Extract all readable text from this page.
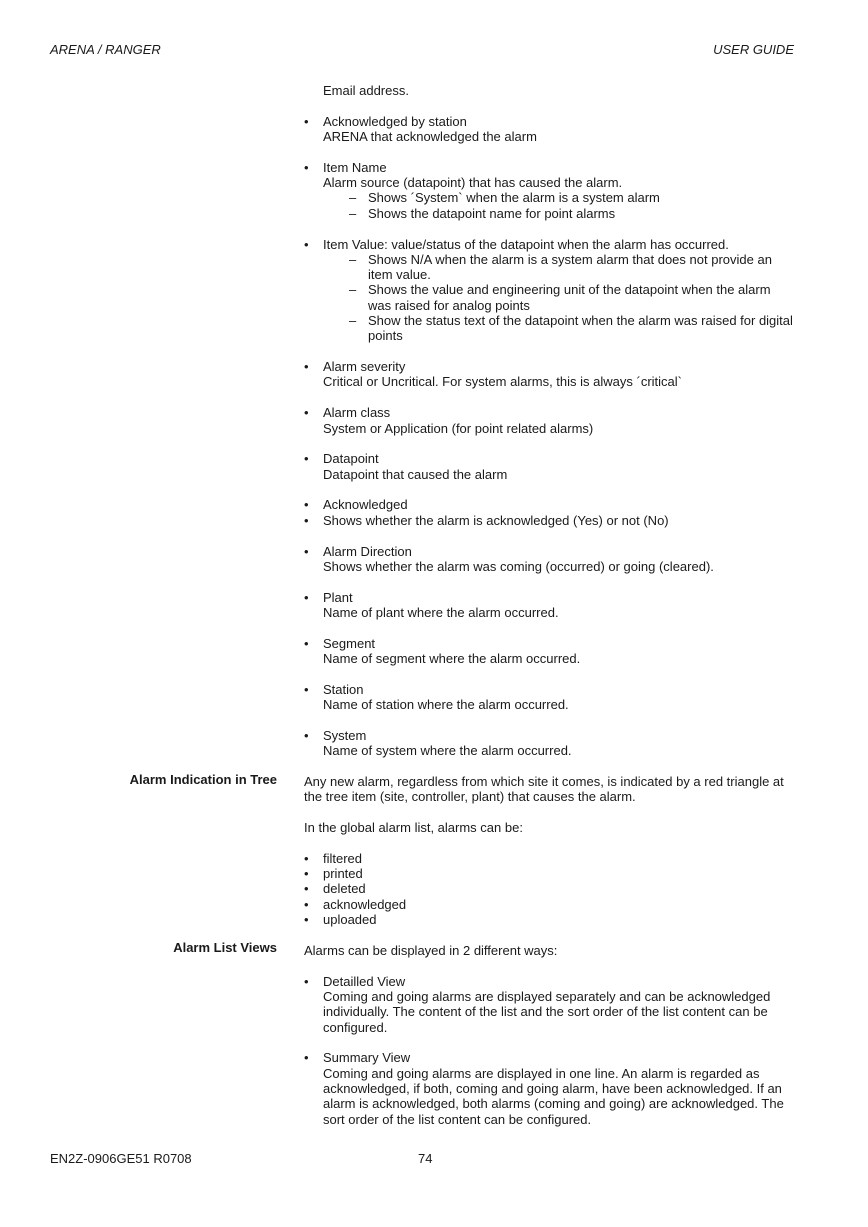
ARENA / RANGER	USER GUIDE
Alarm Indication in Tree
Alarm List Views
Email address.
• Acknowledged by station
ARENA that acknowledged the alarm
• Item Name
Alarm source (datapoint) that has caused the alarm.
– Shows ´System` when the alarm is a system alarm
– Shows the datapoint name for point alarms
• Item Value: value/status of the datapoint when the alarm has occurred.
– Shows N/A when the alarm is a system alarm that does not provide an item value.
– Shows the value and engineering unit of the datapoint when the alarm was raised for analog points
– Show the status text of the datapoint when the alarm was raised for digital points
• Alarm severity
Critical or Uncritical. For system alarms, this is always ´critical`
• Alarm class
System or Application (for point related alarms)
• Datapoint
Datapoint that caused the alarm
• Acknowledged
• Shows whether the alarm is acknowledged (Yes) or not (No)
• Alarm Direction
Shows whether the alarm was coming (occurred) or going (cleared).
• Plant
Name of plant where the alarm occurred.
• Segment
Name of segment where the alarm occurred.
• Station
Name of station where the alarm occurred.
• System
Name of system where the alarm occurred.
Any new alarm, regardless from which site it comes, is indicated by a red triangle at the tree item (site, controller, plant) that causes the alarm.
In the global alarm list, alarms can be:
• filtered
• printed
• deleted
• acknowledged
• uploaded
Alarms can be displayed in 2 different ways:
• Detailled View
Coming and going alarms are displayed separately and can be acknowledged individually. The content of the list and the sort order of the list content can be configured.
• Summary View
Coming and going alarms are displayed in one line. An alarm is regarded as acknowledged, if both, coming and going alarm, have been acknowledged. If an alarm is acknowledged, both alarms (coming and going) are acknowledged. The sort order of the list content can be configured.
EN2Z-0906GE51 R0708	74
